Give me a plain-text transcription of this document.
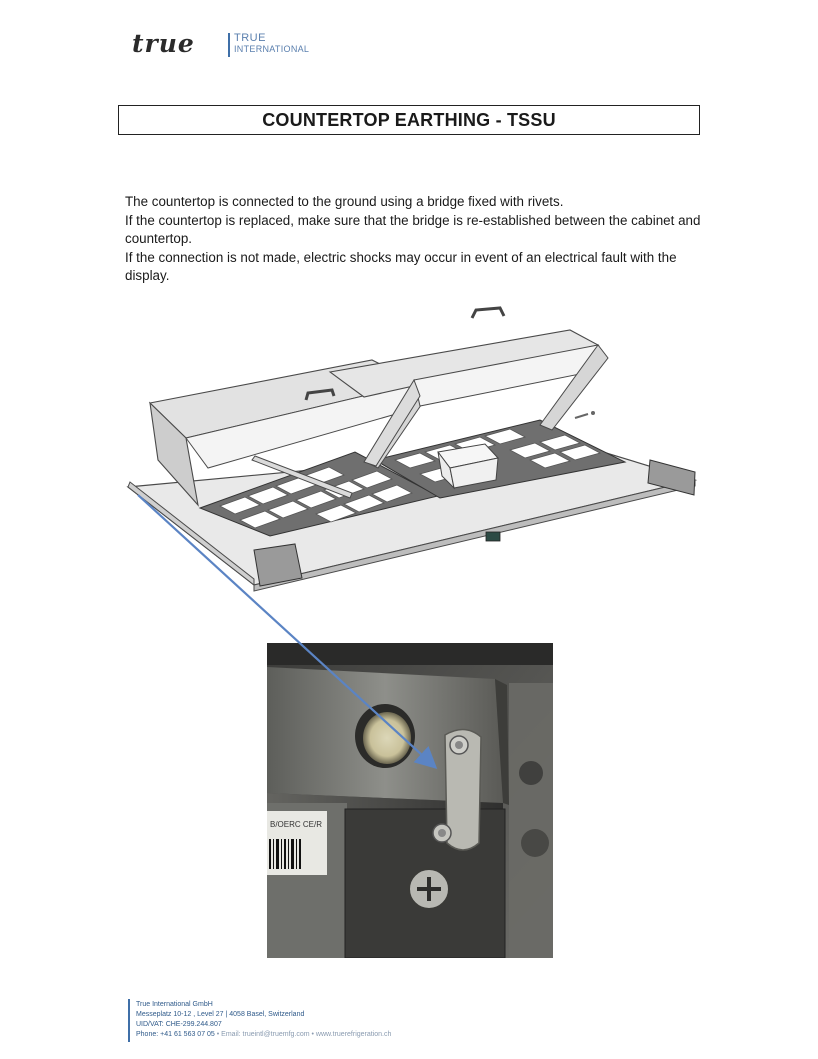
true	TRUE
INTERNATIONAL
COUNTERTOP EARTHING - TSSU

The countertop is connected to the ground using a bridge fixed with rivets.

If the countertop is replaced, make sure that the bridge is re-established between the cabinet and countertop.

If the connection is not made, electric shocks may occur in event of an electrical fault with the display.

B/OERC CE/R
True International GmbH
Messeplatz 10-12 , Level 27 | 4058 Basel, Switzerland
UID/VAT: CHE-299.244.807
Phone: +41 61 563 07 05 • Email: trueintl@truemfg.com • www.truerefrigeration.ch
